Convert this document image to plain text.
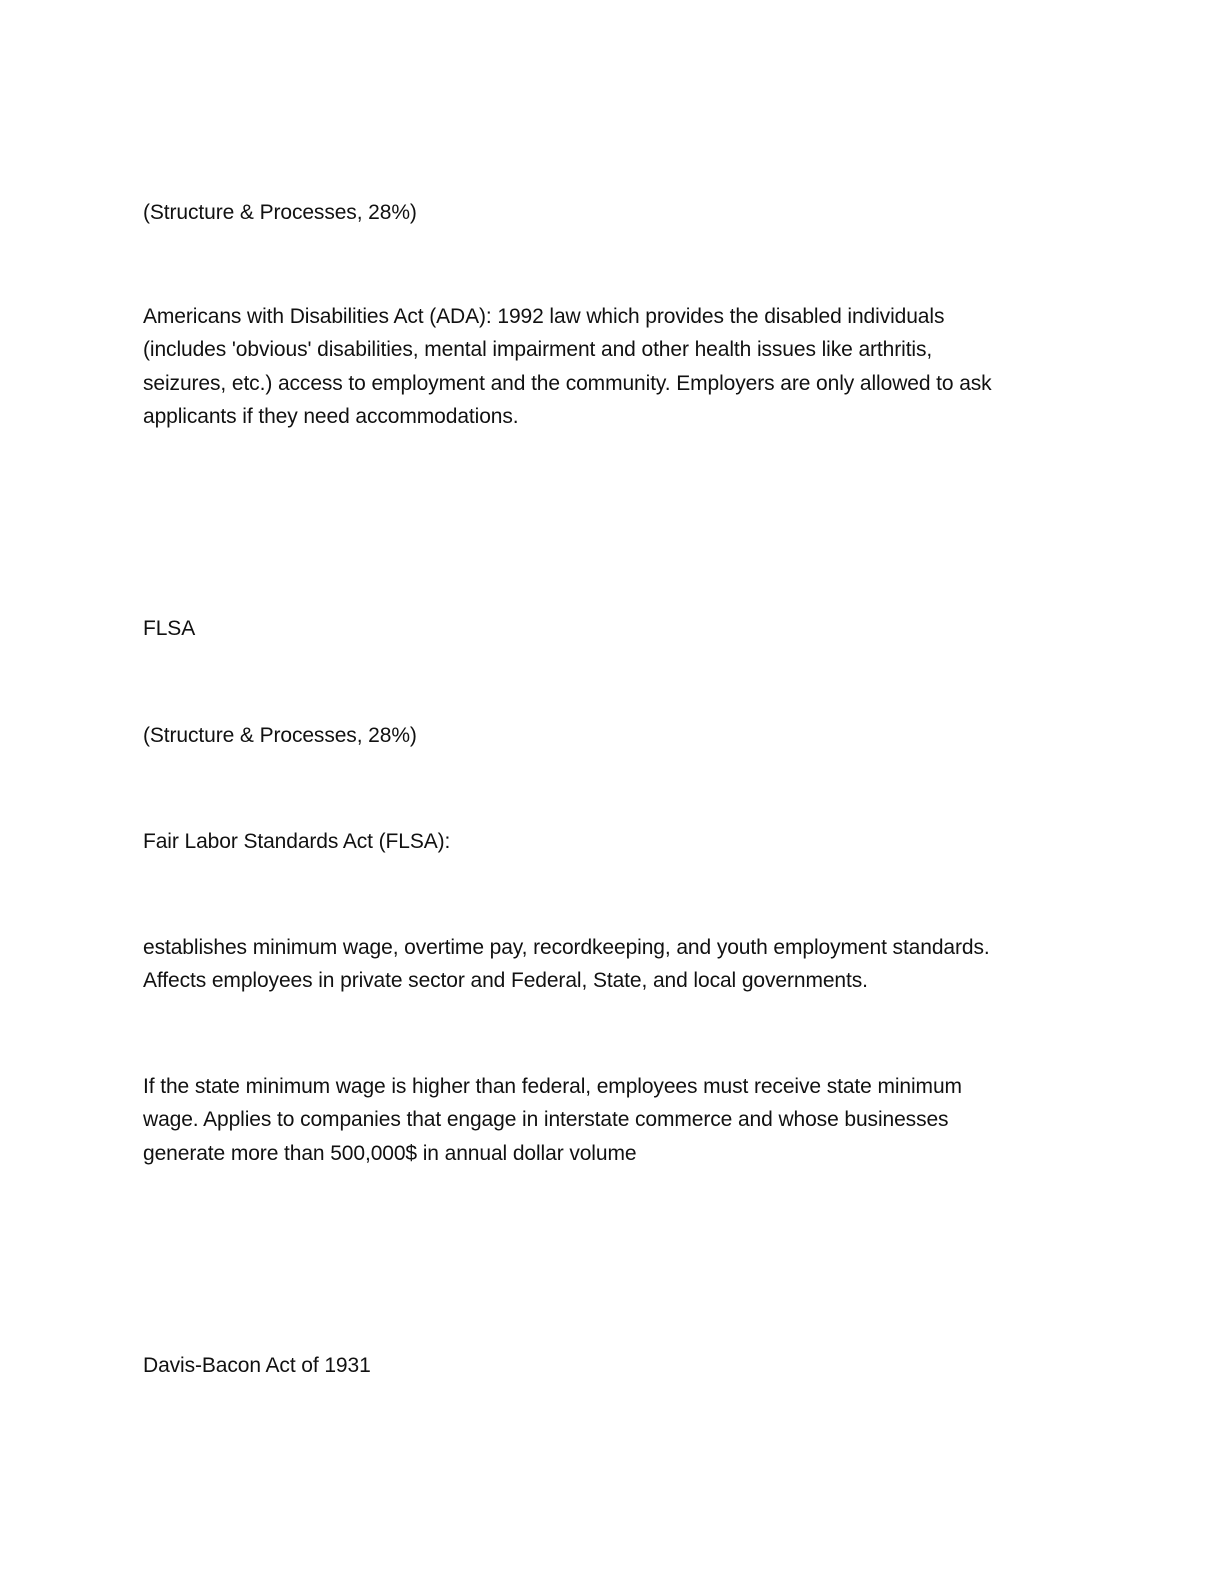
(Structure & Processes, 28%)

Americans with Disabilities Act (ADA): 1992 law which provides the disabled individuals
(includes 'obvious' disabilities, mental impairment and other health issues like arthritis,
seizures, etc.) access to employment and the community. Employers are only allowed to ask
applicants if they need accommodations.

FLSA

(Structure & Processes, 28%)

Fair Labor Standards Act (FLSA):

establishes minimum wage, overtime pay, recordkeeping, and youth employment standards.
Affects employees in private sector and Federal, State, and local governments.

If the state minimum wage is higher than federal, employees must receive state minimum
wage. Applies to companies that engage in interstate commerce and whose businesses
generate more than 500,000$ in annual dollar volume

Davis-Bacon Act of 1931
